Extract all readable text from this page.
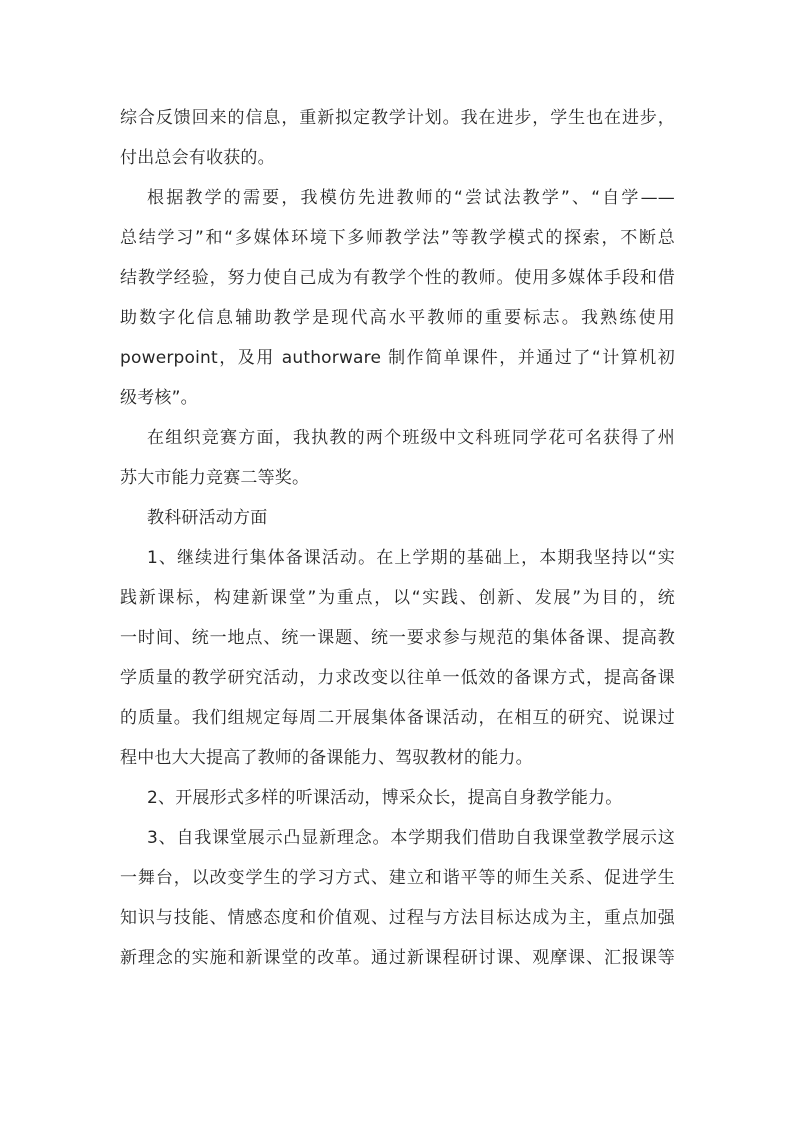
综合反馈回来的信息，重新拟定教学计划。我在进步，学生也在进步，
付出总会有收获的。
根据教学的需要，我模仿先进教师的“尝试法教学”、“自学——
总结学习”和“多媒体环境下多师教学法”等教学模式的探索，不断总
结教学经验，努力使自己成为有教学个性的教师。使用多媒体手段和借
助数字化信息辅助教学是现代高水平教师的重要标志。我熟练使用
powerpoint，及用 authorware 制作简单课件，并通过了“计算机初
级考核”。
在组织竞赛方面，我执教的两个班级中文科班同学花可名获得了州
苏大市能力竞赛二等奖。
教科研活动方面
1、继续进行集体备课活动。在上学期的基础上，本期我坚持以“实
践新课标，构建新课堂”为重点，以“实践、创新、发展”为目的，统
一时间、统一地点、统一课题、统一要求参与规范的集体备课、提高教
学质量的教学研究活动，力求改变以往单一低效的备课方式，提高备课
的质量。我们组规定每周二开展集体备课活动，在相互的研究、说课过
程中也大大提高了教师的备课能力、驾驭教材的能力。
2、开展形式多样的听课活动，博采众长，提高自身教学能力。
3、自我课堂展示凸显新理念。本学期我们借助自我课堂教学展示这
一舞台，以改变学生的学习方式、建立和谐平等的师生关系、促进学生
知识与技能、情感态度和价值观、过程与方法目标达成为主，重点加强
新理念的实施和新课堂的改革。通过新课程研讨课、观摩课、汇报课等
